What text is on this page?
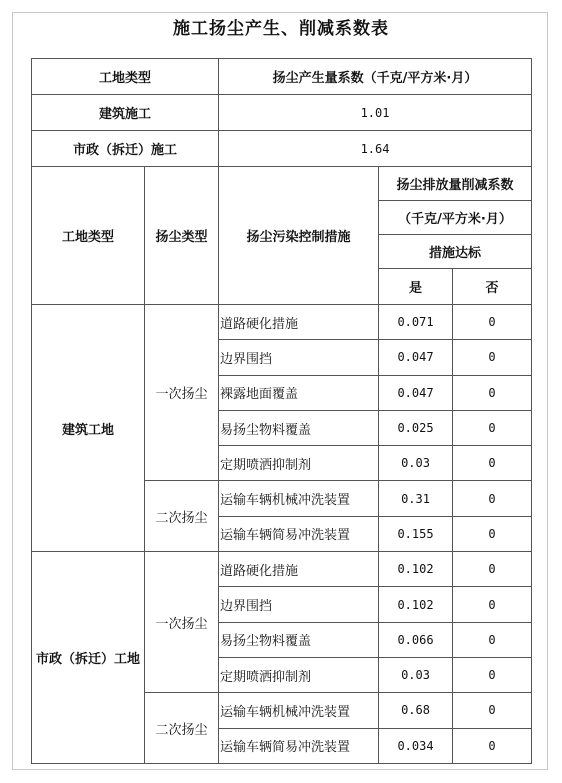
施工扬尘产生、削减系数表
工地类型		扬尘产生量系数（千克/平方米·月）		
建筑施工		1.01		
市政（拆迁）施工		1.64		
工地类型	扬尘类型	扬尘污染控制措施	扬尘排放量削减系数	
			（千克/平方米·月）	
			措施达标	
			是	否
建筑工地	一次扬尘	道路硬化措施	0.071	0
		边界围挡	0.047	0
		裸露地面覆盖	0.047	0
		易扬尘物料覆盖	0.025	0
		定期喷洒抑制剂	0.03	0
	二次扬尘	运输车辆机械冲洗装置	0.31	0
		运输车辆简易冲洗装置	0.155	0
市政（拆迁）工地	一次扬尘	道路硬化措施	0.102	0
		边界围挡	0.102	0
		易扬尘物料覆盖	0.066	0
		定期喷洒抑制剂	0.03	0
	二次扬尘	运输车辆机械冲洗装置	0.68	0
		运输车辆简易冲洗装置	0.034	0
